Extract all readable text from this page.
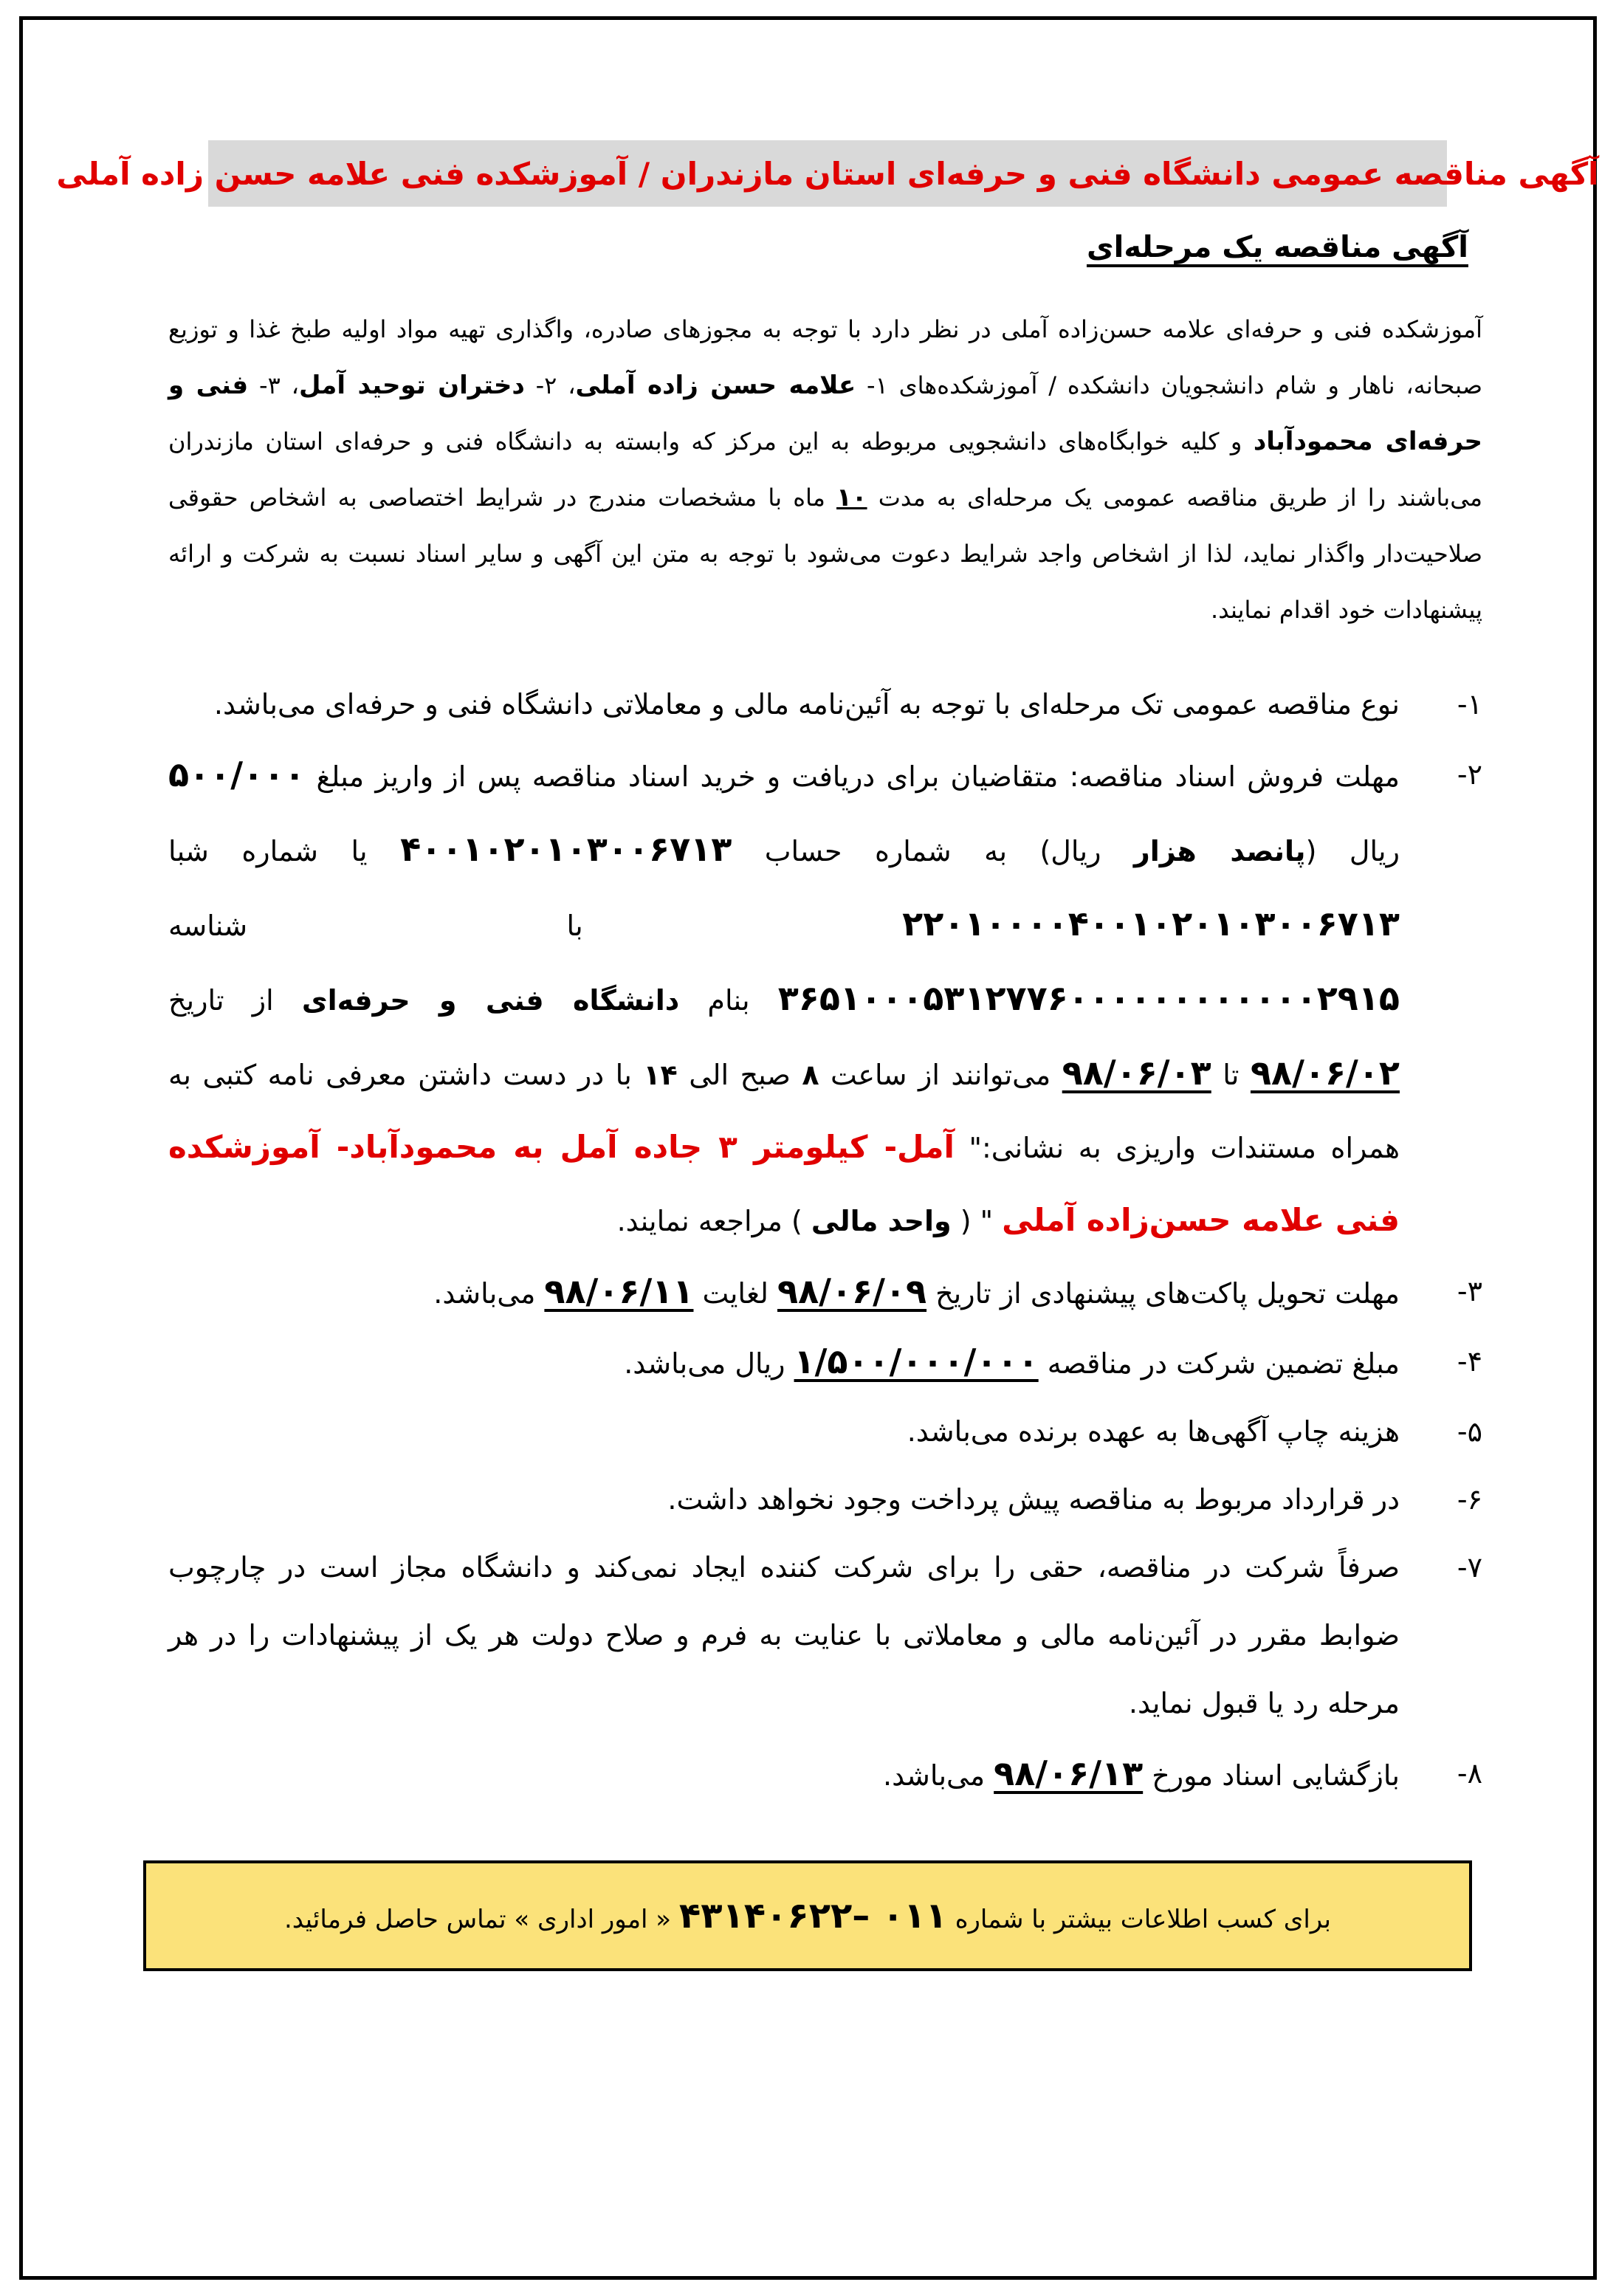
آگهی مناقصه عمومی دانشگاه فنی و حرفه‌ای استان مازندران / آموزشکده فنی علامه حسن زاده آملی
آگهی مناقصه یک مرحله‌ای
آموزشکده فنی و حرفه‌ای علامه حسن‌زاده آملی در نظر دارد با توجه به مجوزهای صادره، واگذاری تهیه مواد اولیه طبخ غذا و توزیع صبحانه، ناهار و شام دانشجویان دانشکده / آموزشکده‌های ۱- علامه حسن زاده آملی، ۲- دختران توحید آمل، ۳- فنی و حرفه‌ای محمودآباد و کلیه خوابگاه‌های دانشجویی مربوطه به این مرکز که وابسته به دانشگاه فنی و حرفه‌ای استان مازندران می‌باشند را از طریق مناقصه عمومی یک مرحله‌ای به مدت ۱۰ ماه با مشخصات مندرج در شرایط اختصاصی به اشخاص حقوقی صلاحیت‌دار واگذار نماید، لذا از اشخاص واجد شرایط دعوت می‌شود با توجه به متن این آگهی و سایر اسناد نسبت به شرکت و ارائه پیشنهادات خود اقدام نمایند.
۱-
نوع مناقصه عمومی تک مرحله‌ای با توجه به آئین‌نامه مالی و معاملاتی دانشگاه فنی و حرفه‌ای می‌باشد.
۲-
مهلت فروش اسناد مناقصه: متقاضیان برای دریافت و خرید اسناد مناقصه پس از واریز مبلغ ۵۰۰/۰۰۰ ریال (پانصد هزار ریال) به شماره حساب ۴۰۰۱۰۲۰۱۰۳۰۰۶۷۱۳ یا شماره شبا ۲۲۰۱۰۰۰۰۴۰۰۱۰۲۰۱۰۳۰۰۶۷۱۳ با شناسه ۳۶۵۱۰۰۰۵۳۱۲۷۷۶۰۰۰۰۰۰۰۰۰۰۰۰۲۹۱۵ بنام دانشگاه فنی و حرفه‌ای از تاریخ ۹۸/۰۶/۰۲ تا ۹۸/۰۶/۰۳ می‌توانند از ساعت ۸ صبح الی ۱۴ با در دست داشتن معرفی نامه کتبی به همراه مستندات واریزی به نشانی:" آمل- کیلومتر ۳ جاده آمل به محمودآباد- آموزشکده فنی علامه حسن‌زاده آملی " ( واحد مالی ) مراجعه نمایند.
۳-
مهلت تحویل پاکت‌های پیشنهادی از تاریخ ۹۸/۰۶/۰۹ لغایت ۹۸/۰۶/۱۱ می‌باشد.
۴-
مبلغ تضمین شرکت در مناقصه ۱/۵۰۰/۰۰۰/۰۰۰ ریال می‌باشد.
۵-
هزینه چاپ آگهی‌ها به عهده برنده می‌باشد.
۶-
در قرارداد مربوط به مناقصه پیش پرداخت وجود نخواهد داشت.
۷-
صرفاً شرکت در مناقصه، حقی را برای شرکت کننده ایجاد نمی‌کند و دانشگاه مجاز است در چارچوب ضوابط مقرر در آئین‌نامه مالی و معاملاتی با عنایت به فرم و صلاح دولت هر یک از پیشنهادات را در هر مرحله رد یا قبول نماید.
۸-
بازگشایی اسناد مورخ ۹۸/۰۶/۱۳ می‌باشد.
برای کسب اطلاعات بیشتر با شماره ۰۱۱ –۴۳۱۴۰۶۲۲ « امور اداری » تماس حاصل فرمائید.
